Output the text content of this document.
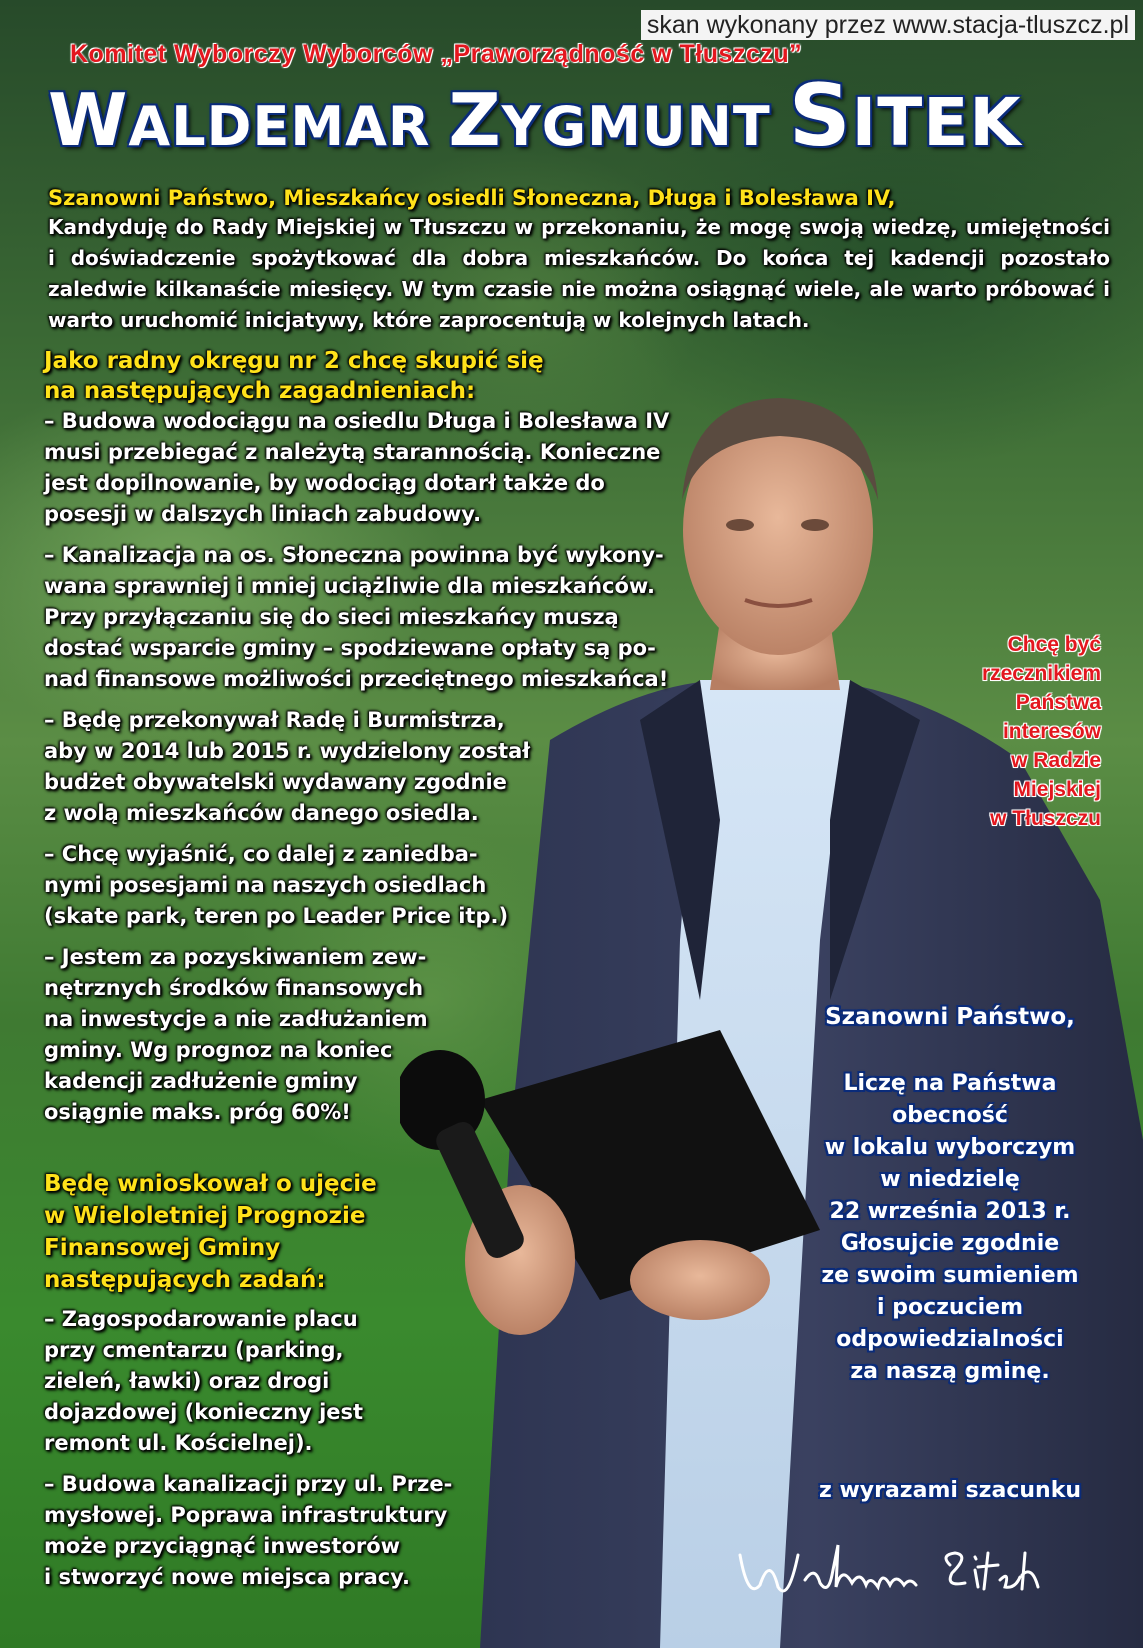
skan wykonany przez www.stacja-tluszcz.pl
Komitet Wyborczy Wyborców „Praworządność w Tłuszczu”
WALDEMAR ZYGMUNT SITEK
Szanowni Państwo, Mieszkańcy osiedli Słoneczna, Długa i Bolesława IV,
Kandyduję do Rady Miejskiej w Tłuszczu w przekonaniu, że mogę swoją wiedzę, umiejętności i doświadczenie spożytkować dla dobra mieszkańców. Do końca tej kadencji pozostało zaledwie kilkanaście miesięcy. W tym czasie nie można osiągnąć wiele, ale warto próbować i warto uruchomić inicjatywy, które zaprocentują w kolejnych latach.
Jako radny okręgu nr 2 chcę skupić się
na następujących zagadnieniach:
– Budowa wodociągu na osiedlu Długa i Bolesława IV
musi przebiegać z należytą starannością. Konieczne
jest dopilnowanie, by wodociąg dotarł także do
posesji w dalszych liniach zabudowy.
– Kanalizacja na os. Słoneczna powinna być wykony-
wana sprawniej i mniej uciążliwie dla mieszkańców.
Przy przyłączaniu się do sieci mieszkańcy muszą
dostać wsparcie gminy – spodziewane opłaty są po-
nad finansowe możliwości przeciętnego mieszkańca!
– Będę przekonywał Radę i Burmistrza,
aby w 2014 lub 2015 r. wydzielony został
budżet obywatelski wydawany zgodnie
z wolą mieszkańców danego osiedla.
– Chcę wyjaśnić, co dalej z zaniedba-
nymi posesjami na naszych osiedlach
(skate park, teren po Leader Price itp.)
– Jestem za pozyskiwaniem zew-
nętrznych środków finansowych
na inwestycje a nie zadłużaniem
gminy. Wg prognoz na koniec
kadencji zadłużenie gminy
osiągnie maks. próg 60%!
Będę wnioskował o ujęcie
w Wieloletniej Prognozie
Finansowej Gminy
następujących zadań:
– Zagospodarowanie placu
przy cmentarzu (parking,
zieleń, ławki) oraz drogi
dojazdowej (konieczny jest
remont ul. Kościelnej).
– Budowa kanalizacji przy ul. Prze-
mysłowej. Poprawa infrastruktury
może przyciągnąć inwestorów
i stworzyć nowe miejsca pracy.
Chcę być
rzecznikiem
Państwa
interesów
w Radzie
Miejskiej
w Tłuszczu
Szanowni Państwo,
Liczę na Państwa
obecność
w lokalu wyborczym
w niedzielę
22 września 2013 r.
Głosujcie zgodnie
ze swoim sumieniem
i poczuciem
odpowiedzialności
za naszą gminę.
z wyrazami szacunku
